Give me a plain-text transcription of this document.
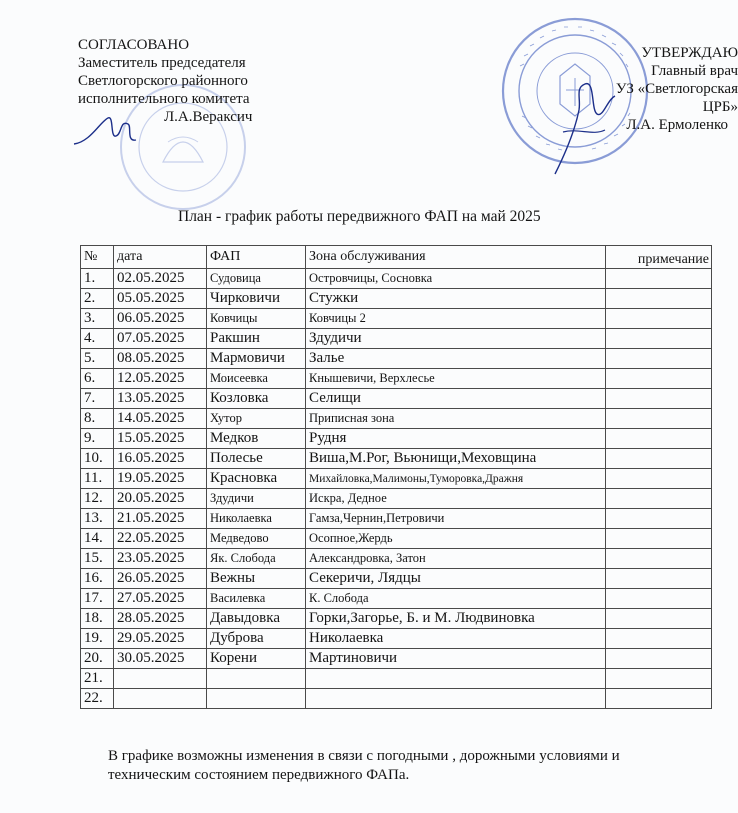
СОГЛАСОВАНО
Заместитель председателя
Светлогорского районного
исполнительного комитета
Л.А.Вераксич
УТВЕРЖДАЮ
Главный врач
УЗ «Светлогорская ЦРБ»
Л.А. Ермоленко
План - график работы передвижного ФАП на май 2025
№	дата	ФАП	Зона обслуживания	примечание
1.	02.05.2025	Судовица	Островчицы, Сосновка	
2.	05.05.2025	Чирковичи	Стужки	
3.	06.05.2025	Ковчицы	Ковчицы 2	
4.	07.05.2025	Ракшин	Здудичи	
5.	08.05.2025	Мармовичи	Залье	
6.	12.05.2025	Моисеевка	Кнышевичи, Верхлесье	
7.	13.05.2025	Козловка	Селищи	
8.	14.05.2025	Хутор	Приписная зона	
9.	15.05.2025	Медков	Рудня	
10.	16.05.2025	Полесье	Виша,М.Рог, Вьюнищи,Меховщина	
11.	19.05.2025	Красновка	Михайловка,Малимоны,Туморовка,Дражня	
12.	20.05.2025	Здудичи	Искра, Дедное	
13.	21.05.2025	Николаевка	Гамза,Чернин,Петровичи	
14.	22.05.2025	Медведово	Осопное,Жердь	
15.	23.05.2025	Як. Слобода	Александровка, Затон	
16.	26.05.2025	Вежны	Секеричи, Лядцы	
17.	27.05.2025	Василевка	К. Слобода	
18.	28.05.2025	Давыдовка	Горки,Загорье, Б. и М. Людвиновка	
19.	29.05.2025	Дуброва	Николаевка	
20.	30.05.2025	Корени	Мартиновичи	
21.				
22.				
В графике возможны изменения в связи с погодными , дорожными условиями и
техническим состоянием передвижного ФАПа.
